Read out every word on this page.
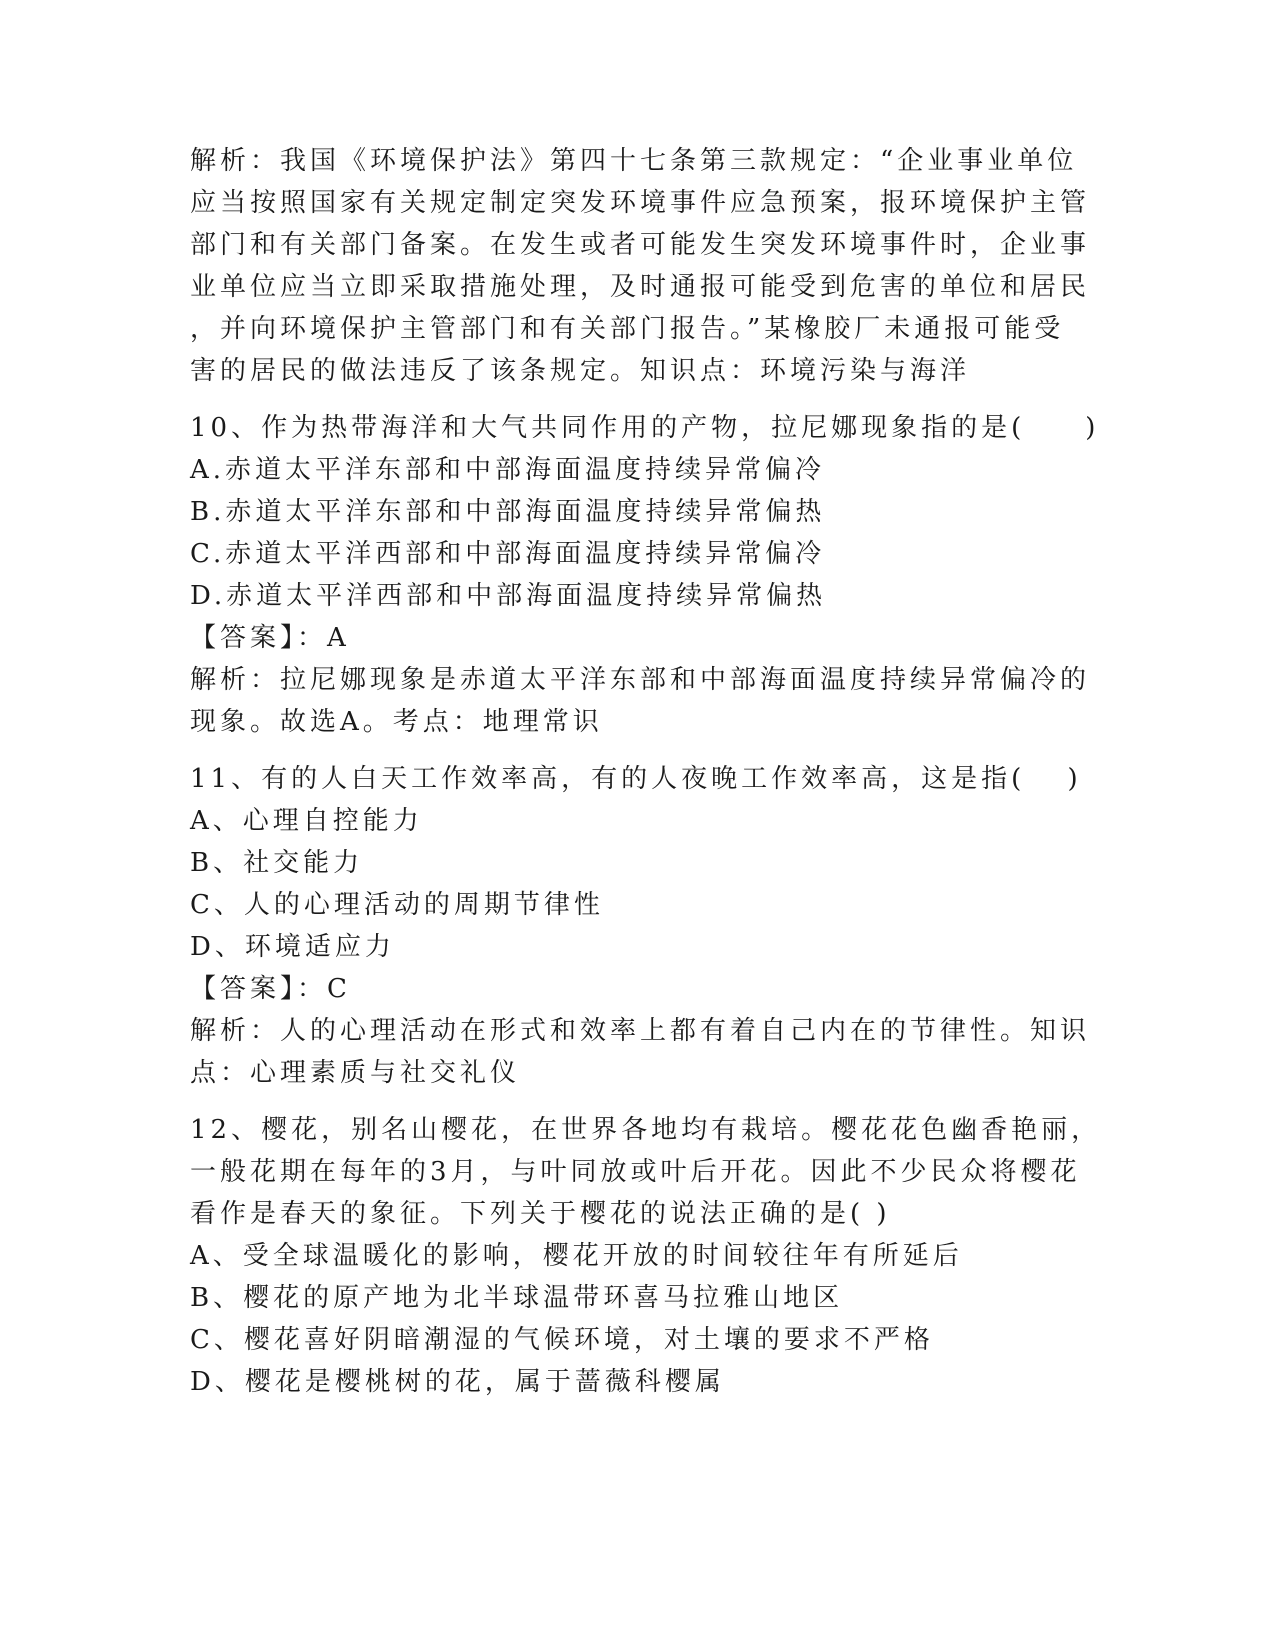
解析：我国《环境保护法》第四十七条第三款规定：“企业事业单位
应当按照国家有关规定制定突发环境事件应急预案，报环境保护主管
部门和有关部门备案。在发生或者可能发生突发环境事件时，企业事
业单位应当立即采取措施处理，及时通报可能受到危害的单位和居民
，并向环境保护主管部门和有关部门报告。”某橡胶厂未通报可能受
害的居民的做法违反了该条规定。知识点：环境污染与海洋
10、作为热带海洋和大气共同作用的产物，拉尼娜现象指的是(　　)
A.赤道太平洋东部和中部海面温度持续异常偏冷
B.赤道太平洋东部和中部海面温度持续异常偏热
C.赤道太平洋西部和中部海面温度持续异常偏冷
D.赤道太平洋西部和中部海面温度持续异常偏热
【答案】：A
解析：拉尼娜现象是赤道太平洋东部和中部海面温度持续异常偏冷的
现象。故选A。考点：地理常识
11、有的人白天工作效率高，有的人夜晚工作效率高，这是指(　 )
A、心理自控能力
B、社交能力
C、人的心理活动的周期节律性
D、环境适应力
【答案】：C
解析：人的心理活动在形式和效率上都有着自己内在的节律性。知识
点：心理素质与社交礼仪
12、樱花，别名山樱花，在世界各地均有栽培。樱花花色幽香艳丽，
一般花期在每年的3月，与叶同放或叶后开花。因此不少民众将樱花
看作是春天的象征。下列关于樱花的说法正确的是( )
A、受全球温暖化的影响，樱花开放的时间较往年有所延后
B、樱花的原产地为北半球温带环喜马拉雅山地区
C、樱花喜好阴暗潮湿的气候环境，对土壤的要求不严格
D、樱花是樱桃树的花，属于蔷薇科樱属
